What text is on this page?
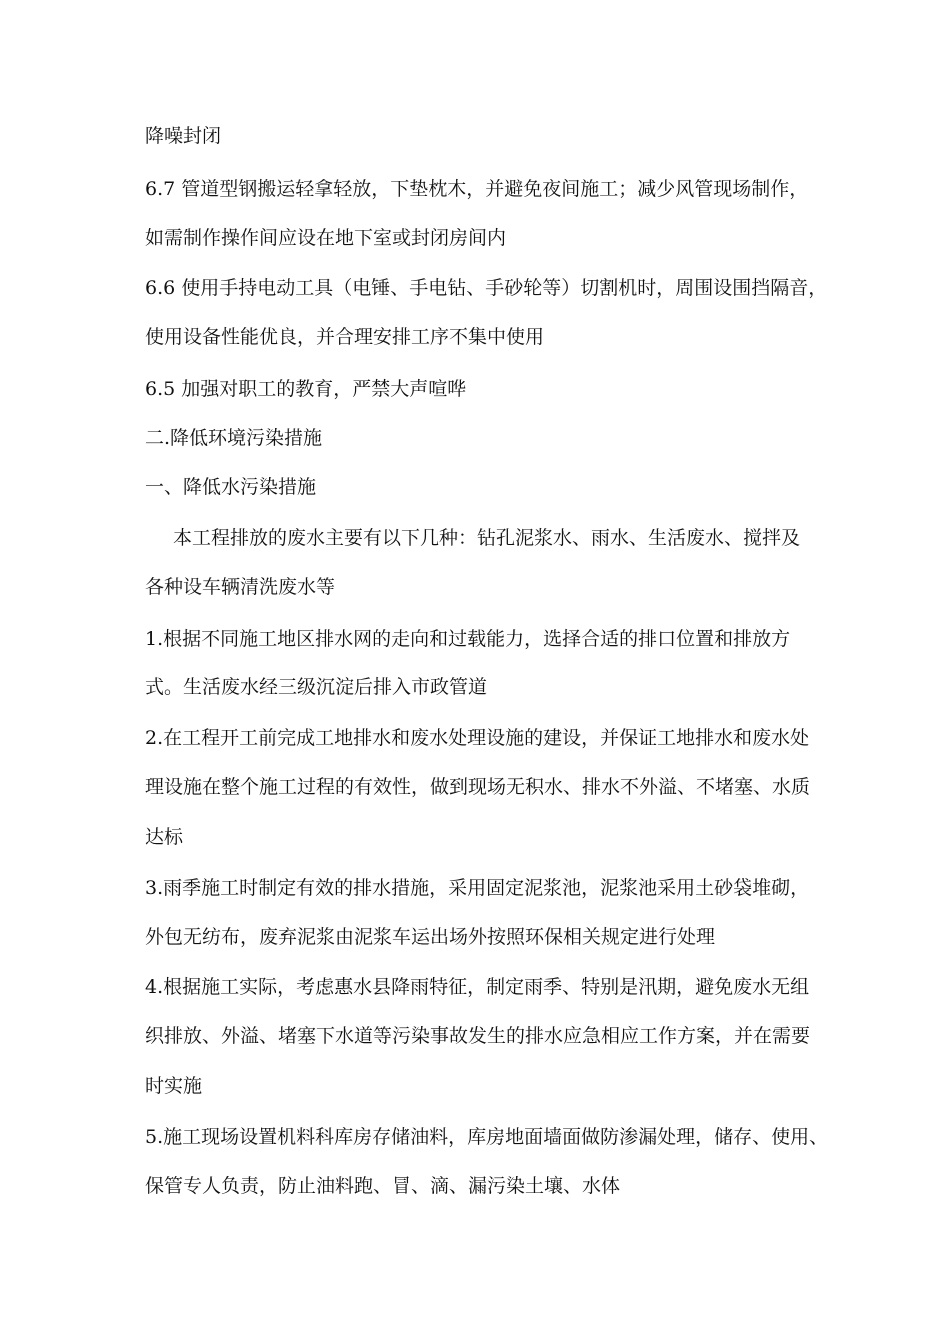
降噪封闭
6.7 管道型钢搬运轻拿轻放，下垫枕木，并避免夜间施工；减少风管现场制作，
如需制作操作间应设在地下室或封闭房间内
6.6 使用手持电动工具（电锤、手电钻、手砂轮等）切割机时，周围设围挡隔音，
使用设备性能优良，并合理安排工序不集中使用
6.5 加强对职工的教育，严禁大声喧哗
二.降低环境污染措施
一、降低水污染措施
本工程排放的废水主要有以下几种：钻孔泥浆水、雨水、生活废水、搅拌及
各种设车辆清洗废水等
1.根据不同施工地区排水网的走向和过载能力，选择合适的排口位置和排放方
式。生活废水经三级沉淀后排入市政管道
2.在工程开工前完成工地排水和废水处理设施的建设，并保证工地排水和废水处
理设施在整个施工过程的有效性，做到现场无积水、排水不外溢、不堵塞、水质
达标
3.雨季施工时制定有效的排水措施，采用固定泥浆池，泥浆池采用土砂袋堆砌，
外包无纺布，废弃泥浆由泥浆车运出场外按照环保相关规定进行处理
4.根据施工实际，考虑惠水县降雨特征，制定雨季、特别是汛期，避免废水无组
织排放、外溢、堵塞下水道等污染事故发生的排水应急相应工作方案，并在需要
时实施
5.施工现场设置机料科库房存储油料，库房地面墙面做防渗漏处理，储存、使用、
保管专人负责，防止油料跑、冒、滴、漏污染土壤、水体
